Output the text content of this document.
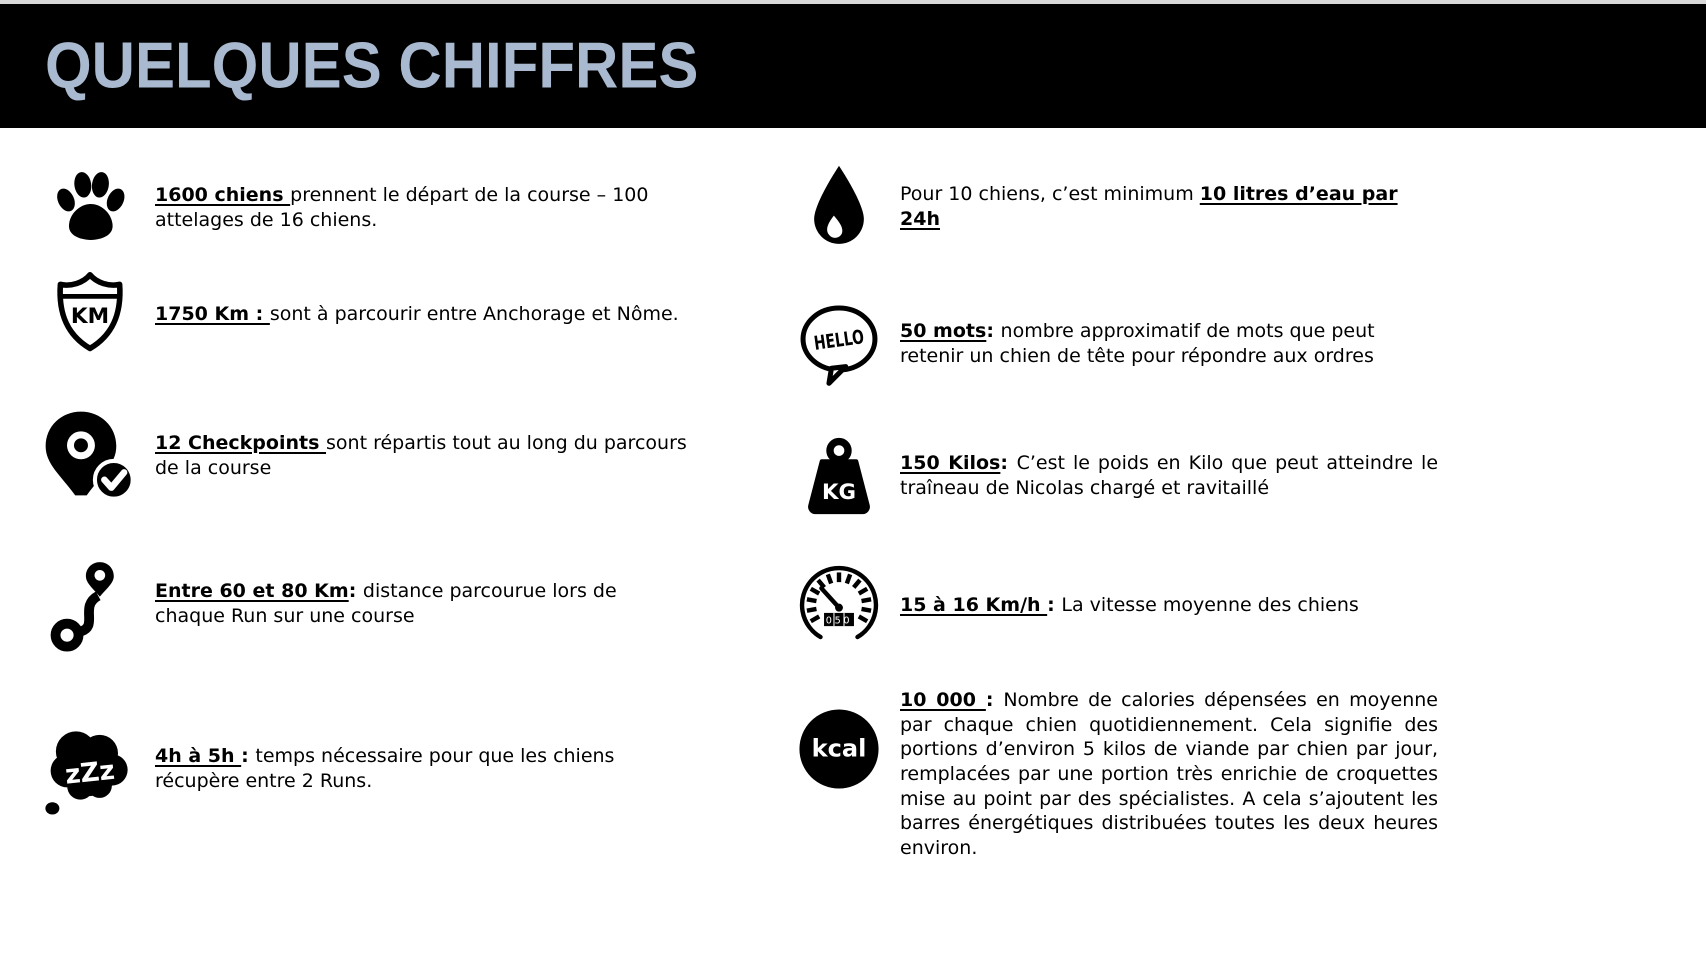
QUELQUES CHIFFRES

1600 chiens prennent le départ de la course – 100 attelages de 16 chiens.

KM 1750 Km : sont à parcourir entre Anchorage et Nôme.

12 Checkpoints sont répartis tout au long du parcours de la course

Entre 60 et 80 Km: distance parcourue lors de chaque Run sur une course

zZz 4h à 5h : temps nécessaire pour que les chiens récupère entre 2 Runs.

Pour 10 chiens, c’est minimum 10 litres d’eau par 24h

HELLO 50 mots: nombre approximatif de mots que peut retenir un chien de tête pour répondre aux ordres

KG

150 Kilos: C’est le poids en Kilo que peut atteindre le traîneau de Nicolas chargé et ravitaillé

050

15 à 16 Km/h : La vitesse moyenne des chiens

kcal

10 000 : Nombre de calories dépensées en moyenne par chaque chien quotidiennement. Cela signifie des portions d’environ 5 kilos de viande par chien par jour, remplacées par une portion très enrichie de croquettes mise au point par des spécialistes. A cela s’ajoutent les barres énergétiques distribuées toutes les deux heures environ.
